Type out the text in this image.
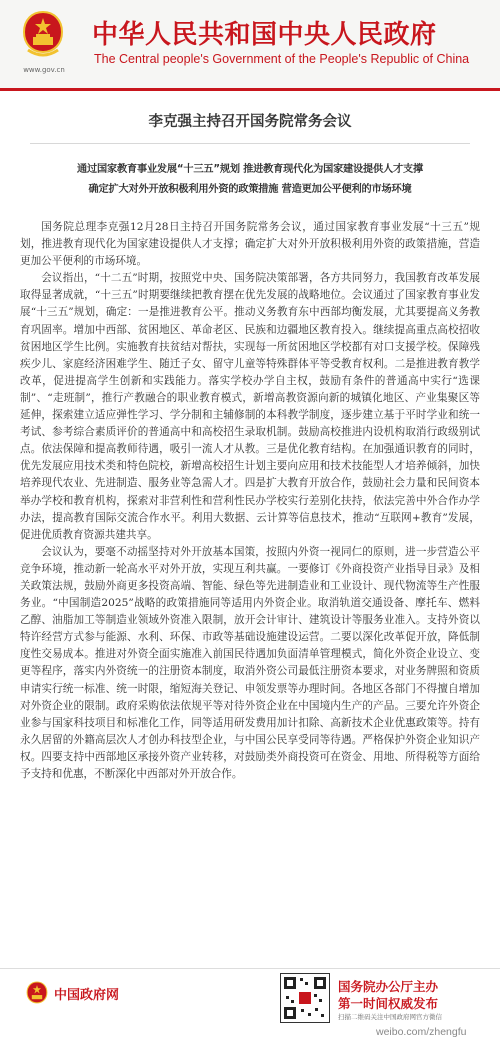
www.gov.cn
中华人民共和国中央人民政府
The Central people's Government of the People's Republic of China
李克强主持召开国务院常务会议
通过国家教育事业发展“十三五”规划 推进教育现代化为国家建设提供人才支撑
确定扩大对外开放积极利用外资的政策措施 营造更加公平便利的市场环境

国务院总理李克强12月28日主持召开国务院常务会议，通过国家教育事业发展“十三五”规划，推进教育现代化为国家建设提供人才支撑；确定扩大对外开放积极利用外资的政策措施，营造更加公平便利的市场环境。

会议指出，“十二五”时期，按照党中央、国务院决策部署，各方共同努力，我国教育改革发展取得显著成就，“十三五”时期要继续把教育摆在优先发展的战略地位。会议通过了国家教育事业发展“十三五”规划，确定：一是推进教育公平。推动义务教育东中西部均衡发展，尤其要提高义务教育巩固率。增加中西部、贫困地区、革命老区、民族和边疆地区教育投入。继续提高重点高校招收贫困地区学生比例。实施教育扶贫结对帮扶，实现每一所贫困地区学校都有对口支援学校。保障残疾少儿、家庭经济困难学生、随迁子女、留守儿童等特殊群体平等受教育权利。二是推进教育教学改革，促进提高学生创新和实践能力。落实学校办学自主权，鼓励有条件的普通高中实行“选课制”、“走班制”，推行产教融合的职业教育模式，新增高教资源向新的城镇化地区、产业集聚区等延伸，探索建立适应弹性学习、学分制和主辅修制的本科教学制度，逐步建立基于平时学业和统一考试、参考综合素质评价的普通高中和高校招生录取机制。鼓励高校推进内设机构取消行政级别试点。依法保障和提高教师待遇，吸引一流人才从教。三是优化教育结构。在加强通识教育的同时，优先发展应用技术类和特色院校，新增高校招生计划主要向应用和技术技能型人才培养倾斜，加快培养现代农业、先进制造、服务业等急需人才。四是扩大教育开放合作，鼓励社会力量和民间资本举办学校和教育机构，探索对非营利性和营利性民办学校实行差别化扶持，依法完善中外合作办学办法，提高教育国际交流合作水平。利用大数据、云计算等信息技术，推动“互联网+教育”发展，促进优质教育资源共建共享。

会议认为，要毫不动摇坚持对外开放基本国策，按照内外资一视同仁的原则，进一步营造公平竞争环境，推动新一轮高水平对外开放，实现互利共赢。一要修订《外商投资产业指导目录》及相关政策法规，鼓励外商更多投资高端、智能、绿色等先进制造业和工业设计、现代物流等生产性服务业。“中国制造2025”战略的政策措施同等适用内外资企业。取消轨道交通设备、摩托车、燃料乙醇、油脂加工等制造业领域外资准入限制，放开会计审计、建筑设计等服务业准入。支持外资以特许经营方式参与能源、水利、环保、市政等基础设施建设运营。二要以深化改革促开放，降低制度性交易成本。推进对外资全面实施准入前国民待遇加负面清单管理模式，简化外资企业设立、变更等程序，落实内外资统一的注册资本制度，取消外资公司最低注册资本要求，对业务牌照和资质申请实行统一标准、统一时限，缩短海关登记、申领发票等办理时间。各地区各部门不得擅自增加对外资企业的限制。政府采购依法依规平等对待外资企业在中国境内生产的产品。三要允许外资企业参与国家科技项目和标准化工作，同等适用研发费用加计扣除、高新技术企业优惠政策等。持有永久居留的外籍高层次人才创办科技型企业，与中国公民享受同等待遇。严格保护外资企业知识产权。四要支持中西部地区承接外资产业转移，对鼓励类外商投资可在资金、用地、所得税等方面给予支持和优惠，不断深化中西部对外开放合作。

中国政府网
国务院办公厅主办
第一时间权威发布
扫描二维码关注中国政府网官方微信
weibo.com/zhengfu
